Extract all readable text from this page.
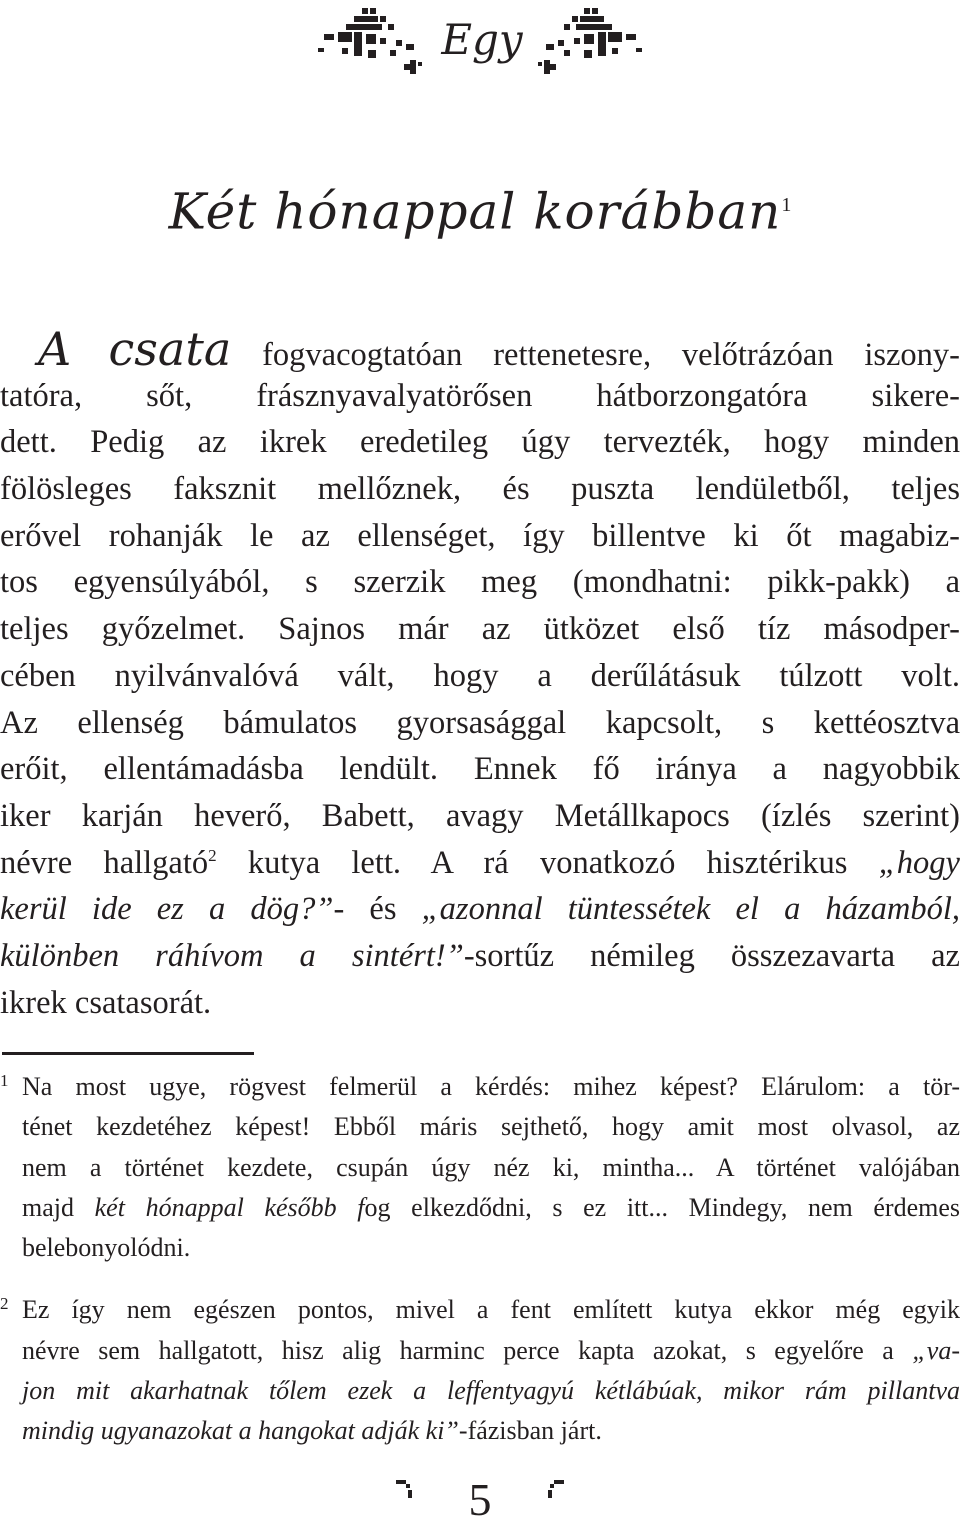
Egy
Két hónappal korábban$^1$
A csata fogvacogtatóan rettenetesre, velőtrázóan iszony-
tatóra, sőt, frásznyavalyatörősen hátborzongatóra sikere-
dett. Pedig az ikrek eredetileg úgy tervezték, hogy minden
fölösleges faksznit mellőznek, és puszta lendületből, teljes
erővel rohanják le az ellenséget, így billentve ki őt magabiz-
tos egyensúlyából, s szerzik meg (mondhatni: pikk-pakk) a
teljes győzelmet. Sajnos már az ütközet első tíz másodper-
cében nyilvánvalóvá vált, hogy a derűlátásuk túlzott volt.
Az ellenség bámulatos gyorsasággal kapcsolt, s kettéosztva
erőit, ellentámadásba lendült. Ennek fő iránya a nagyobbik
iker karján heverő, Babett, avagy Metállkapocs (ízlés szerint)
névre hallgató$^2$ kutya lett. A rá vonatkozó hisztérikus „hogy
kerül ide ez a dög?”- és „azonnal tüntessétek el a házamból,
különben ráhívom a sintért!”-sortűz némileg összezavarta az
ikrek csatasorát.
1 Na most ugye, rögvest felmerül a kérdés: mihez képest? Elárulom: a tör-
ténet kezdetéhez képest! Ebből máris sejthető, hogy amit most olvasol, az
nem a történet kezdete, csupán úgy néz ki, mintha... A történet valójában
majd két hónappal később fog elkezdődni, s ez itt... Mindegy, nem érdemes
belebonyolódni.
2 Ez így nem egészen pontos, mivel a fent említett kutya ekkor még egyik
névre sem hallgatott, hisz alig harminc perce kapta azokat, s egyelőre a „va-
jon mit akarhatnak tőlem ezek a leffentyagyú kétlábúak, mikor rám pillantva
mindig ugyanazokat a hangokat adják ki”-fázisban járt.
5
